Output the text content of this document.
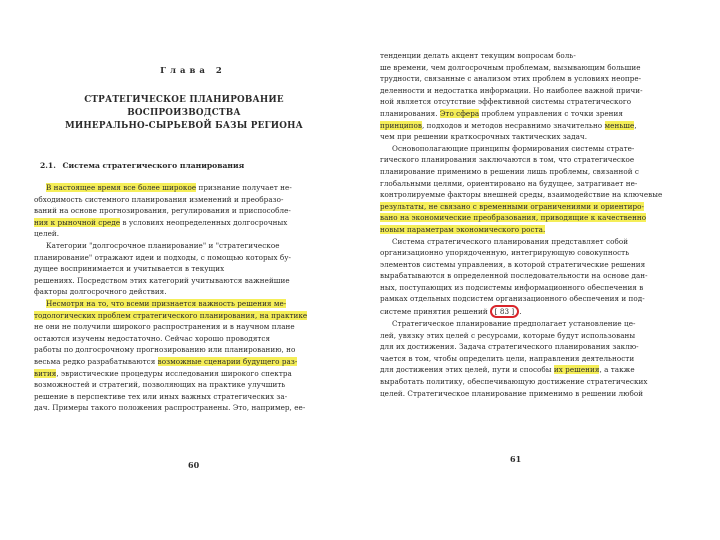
Глава 2
СТРАТЕГИЧЕСКОЕ ПЛАНИРОВАНИЕ
ВОСПРОИЗВОДСТВА
МИНЕРАЛЬНО-СЫРЬЕВОЙ БАЗЫ РЕГИОНА
2.1. Система стратегического планирования
В настоящее время все более широкое признание получает не-
обходимость системного планирования изменений и преобразо-
ваний на основе прогнозирования, регулирования и приспособле-
ния к рыночной среде в условиях неопределенных долгосрочных
целей.
Категории "долгосрочное планирование" и "стратегическое
планирование" отражают идеи и подходы, с помощью которых бу-
дущее воспринимается и учитывается в текущих
решениях. Посредством этих категорий учитываются важнейшие
факторы долгосрочного действия.
Несмотря на то, что всеми признается важность решения ме-
тодологических проблем стратегического планирования, на практике
не они не получили широкого распространения и в научном плане
остаются изучены недостаточно. Сейчас хорошо проводятся
работы по долгосрочному прогнозированию или планированию, но
весьма редко разрабатываются возможные сценарии будущего раз-
вития, эвристические процедуры исследования широкого спектра
возможностей и стратегий, позволяющих на практике улучшить
решение в перспективе тех или иных важных стратегических за-
дач. Примеры такого положения распространены. Это, например, ее-
60
тенденции делать акцент текущим вопросам боль-
ше времени, чем долгосрочным проблемам, вызывающим большие
трудности, связанные с анализом этих проблем в условиях неопре-
деленности и недостатка информации. Но наиболее важной причи-
ной является отсутствие эффективной системы стратегического
планирования. Это сфера проблем управления с точки зрения
принципов, подходов и методов несравнимо значительно меньше,
чем при решении краткосрочных тактических задач.
Основополагающие принципы формирования системы страте-
гического планирования заключаются в том, что стратегическое
планирование применимо в решении лишь проблемы, связанной с
глобальными целями, ориентировано на будущее, затрагивает не-
контролируемые факторы внешней среды, взаимодействие на ключевые
результаты, не связано с временными ограничениями и ориентиро-
вано на экономические преобразования, приводящие к качественно
новым параметрам экономического роста.
Система стратегического планирования представляет собой
организационно упорядоченную, интегрирующую совокупность
элементов системы управления, в которой стратегические решения
вырабатываются в определенной последовательности на основе дан-
ных, поступающих из подсистемы информационного обеспечения в
рамках отдельных подсистем организационного обеспечения и под-
системе принятия решений [ 83 ] .
Стратегическое планирование предполагает установление це-
лей, увязку этих целей с ресурсами, которые будут использованы
для их достижения. Задача стратегического планирования заклю-
чается в том, чтобы определить цели, направления деятельности
для достижения этих целей, пути и способы их решения, а также
выработать политику, обеспечивающую достижение стратегических
целей. Стратегическое планирование применимо в решении любой
61
